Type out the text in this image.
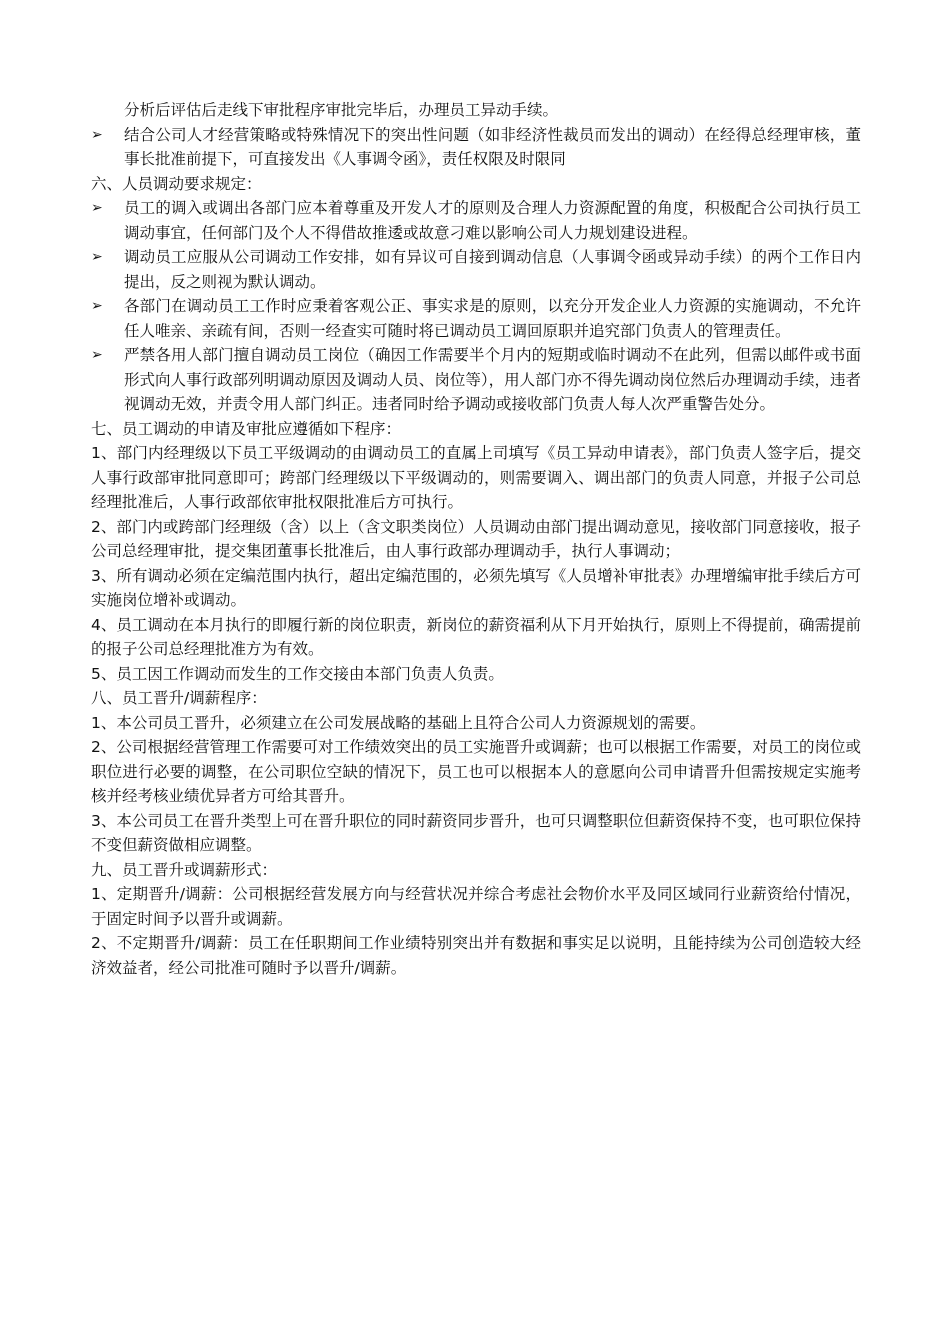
分析后评估后走线下审批程序审批完毕后，办理员工异动手续。

➢	结合公司人才经营策略或特殊情况下的突出性问题（如非经济性裁员而发出的调动）在经得总经理审核，董事长批准前提下，可直接发出《人事调令函》，责任权限及时限同

六、人员调动要求规定：

➢	员工的调入或调出各部门应本着尊重及开发人才的原则及合理人力资源配置的角度，积极配合公司执行员工调动事宜，任何部门及个人不得借故推逶或故意刁难以影响公司人力规划建设进程。
➢	调动员工应服从公司调动工作安排，如有异议可自接到调动信息（人事调令函或异动手续）的两个工作日内提出，反之则视为默认调动。
➢	各部门在调动员工工作时应秉着客观公正、事实求是的原则，以充分开发企业人力资源的实施调动，不允许任人唯亲、亲疏有间，否则一经查实可随时将已调动员工调回原职并追究部门负责人的管理责任。
➢	严禁各用人部门擅自调动员工岗位（确因工作需要半个月内的短期或临时调动不在此列，但需以邮件或书面形式向人事行政部列明调动原因及调动人员、岗位等），用人部门亦不得先调动岗位然后办理调动手续，违者视调动无效，并责令用人部门纠正。违者同时给予调动或接收部门负责人每人次严重警告处分。

七、员工调动的申请及审批应遵循如下程序：

1、部门内经理级以下员工平级调动的由调动员工的直属上司填写《员工异动申请表》，部门负责人签字后，提交人事行政部审批同意即可；跨部门经理级以下平级调动的，则需要调入、调出部门的负责人同意，并报子公司总经理批准后，人事行政部依审批权限批准后方可执行。

2、部门内或跨部门经理级（含）以上（含文职类岗位）人员调动由部门提出调动意见，接收部门同意接收，报子公司总经理审批，提交集团董事长批准后，由人事行政部办理调动手，执行人事调动；

3、所有调动必须在定编范围内执行，超出定编范围的，必须先填写《人员增补审批表》办理增编审批手续后方可实施岗位增补或调动。

4、员工调动在本月执行的即履行新的岗位职责，新岗位的薪资福利从下月开始执行，原则上不得提前，确需提前的报子公司总经理批准方为有效。

5、员工因工作调动而发生的工作交接由本部门负责人负责。

八、员工晋升/调薪程序：

1、本公司员工晋升，必须建立在公司发展战略的基础上且符合公司人力资源规划的需要。

2、公司根据经营管理工作需要可对工作绩效突出的员工实施晋升或调薪；也可以根据工作需要，对员工的岗位或职位进行必要的调整，在公司职位空缺的情况下，员工也可以根据本人的意愿向公司申请晋升但需按规定实施考核并经考核业绩优异者方可给其晋升。

3、本公司员工在晋升类型上可在晋升职位的同时薪资同步晋升，也可只调整职位但薪资保持不变，也可职位保持不变但薪资做相应调整。

九、员工晋升或调薪形式：

1、定期晋升/调薪：公司根据经营发展方向与经营状况并综合考虑社会物价水平及同区域同行业薪资给付情况，于固定时间予以晋升或调薪。

2、不定期晋升/调薪：员工在任职期间工作业绩特别突出并有数据和事实足以说明，且能持续为公司创造较大经济效益者，经公司批准可随时予以晋升/调薪。
